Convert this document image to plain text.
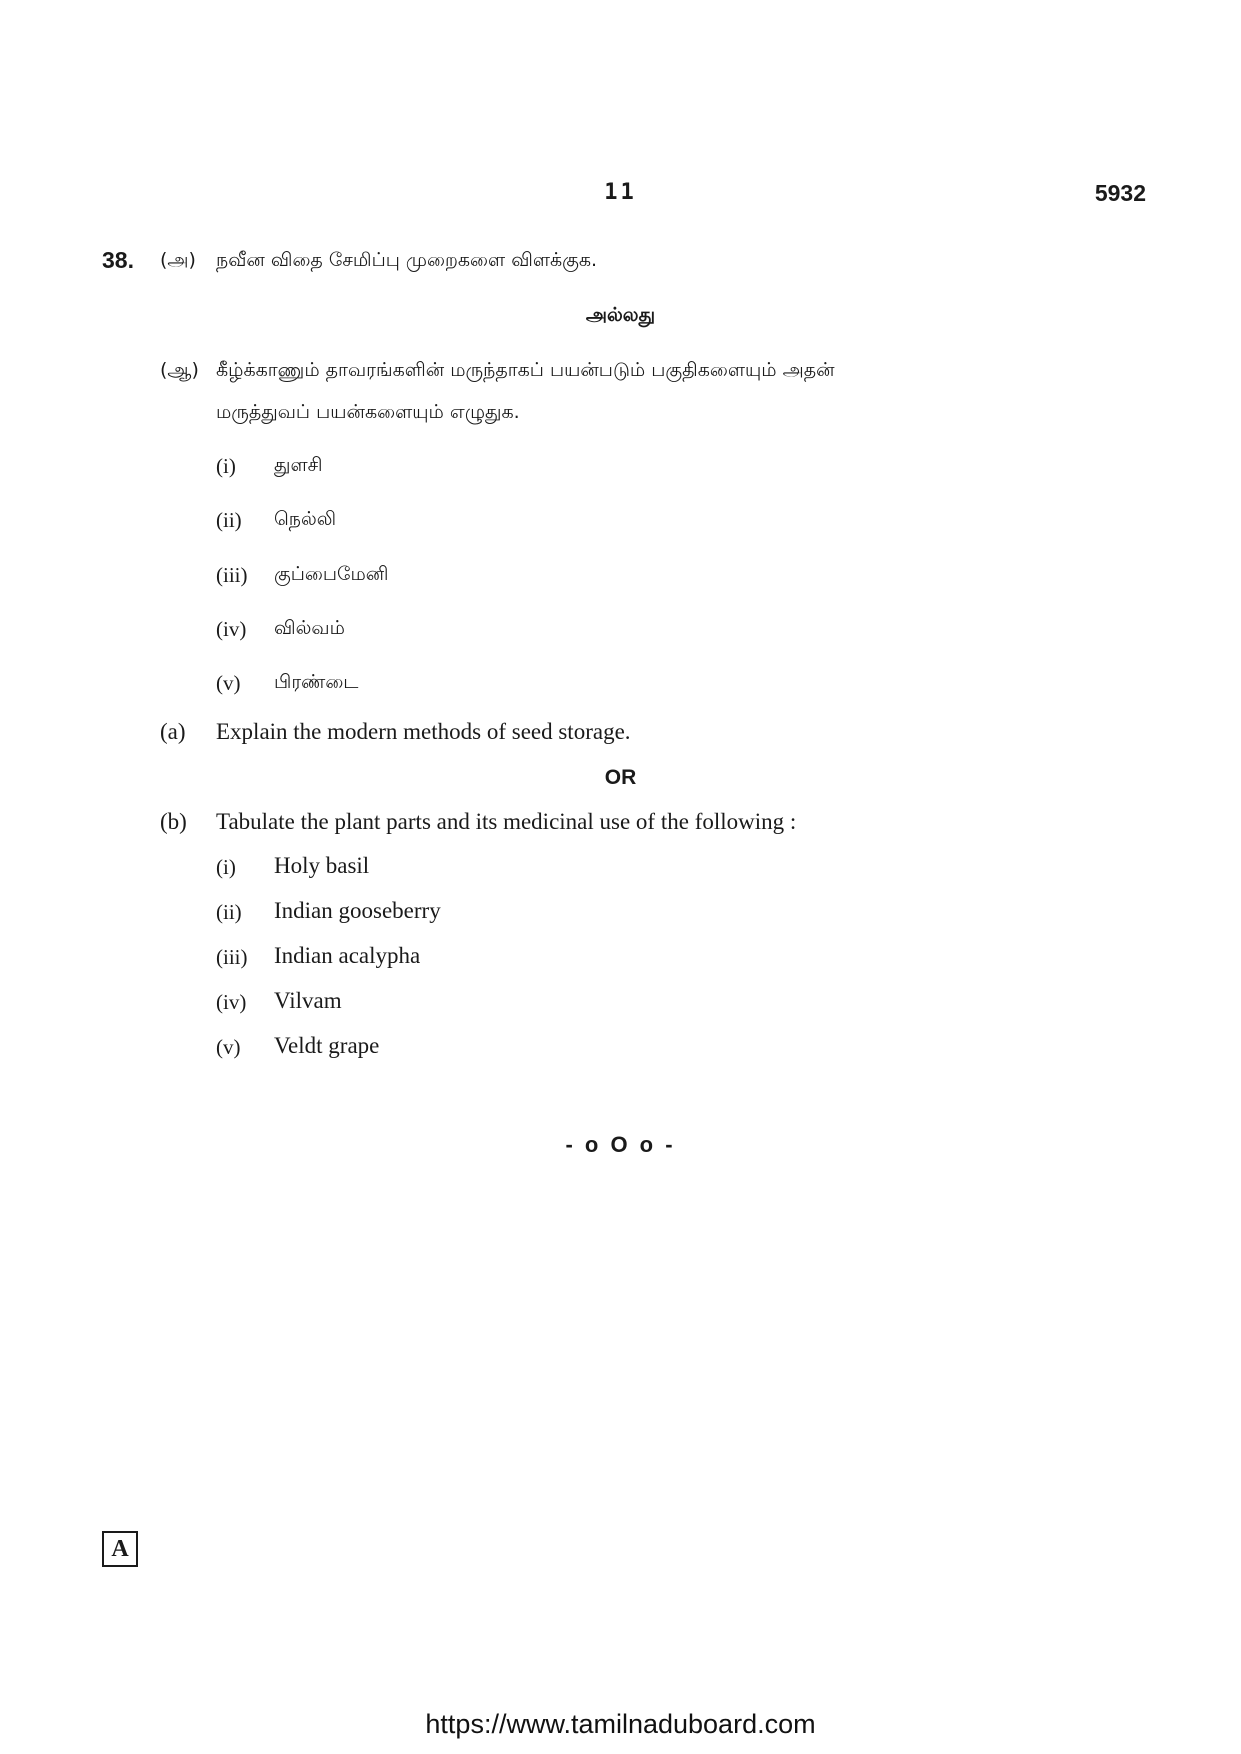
11	5932
38. (அ) நவீன விதை சேமிப்பு முறைகளை விளக்குக.
அல்லது
(ஆ) கீழ்க்காணும் தாவரங்களின் மருந்தாகப் பயன்படும் பகுதிகளையும் அதன்
மருத்துவப் பயன்களையும் எழுதுக.
(i) துளசி
(ii) நெல்லி
(iii) குப்பைமேனி
(iv) வில்வம்
(v) பிரண்டை
(a) Explain the modern methods of seed storage.
OR
(b) Tabulate the plant parts and its medicinal use of the following :
(i) Holy basil
(ii) Indian gooseberry
(iii) Indian acalypha
(iv) Vilvam
(v) Veldt grape
- o O o -
A
https://www.tamilnaduboard.com
